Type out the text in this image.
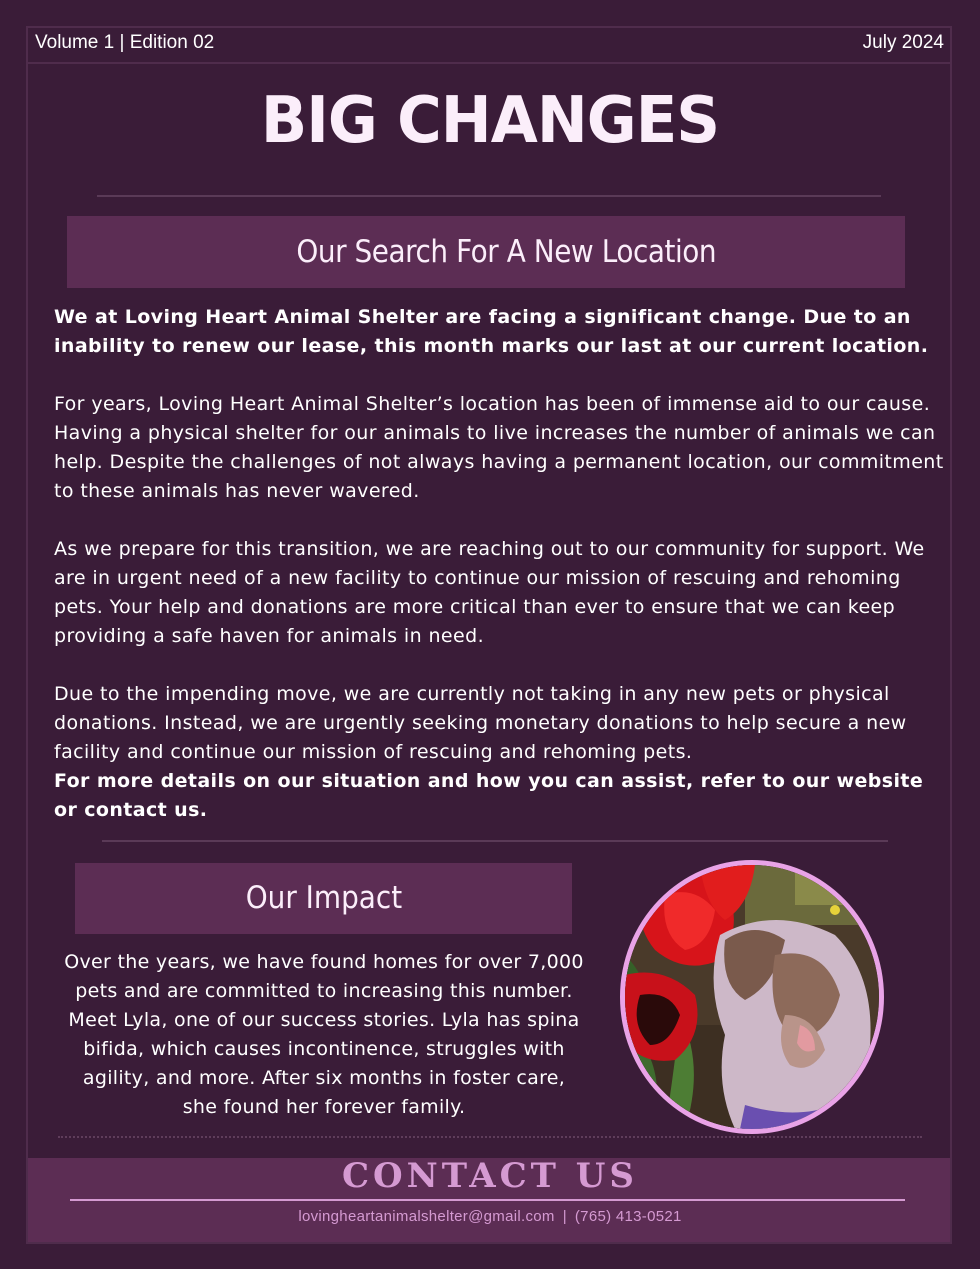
Volume 1 | Edition 02	July 2024
BIG CHANGES
Our Search For A New Location

We at Loving Heart Animal Shelter are facing a significant change. Due to an inability to renew our lease, this month marks our last at our current location.

For years, Loving Heart Animal Shelter’s location has been of immense aid to our cause. Having a physical shelter for our animals to live increases the number of animals we can help. Despite the challenges of not always having a permanent location, our commitment to these animals has never wavered.

As we prepare for this transition, we are reaching out to our community for support. We are in urgent need of a new facility to continue our mission of rescuing and rehoming pets. Your help and donations are more critical than ever to ensure that we can keep providing a safe haven for animals in need.

Due to the impending move, we are currently not taking in any new pets or physical donations. Instead, we are urgently seeking monetary donations to help secure a new facility and continue our mission of rescuing and rehoming pets.

For more details on our situation and how you can assist, refer to our website or contact us.

Our Impact
Over the years, we have found homes for over 7,000 pets and are committed to increasing this number. Meet Lyla, one of our success stories. Lyla has spina bifida, which causes incontinence, struggles with agility, and more. After six months in foster care, she found her forever family.
CONTACT US
lovingheartanimalshelter@gmail.com | (765) 413-0521
